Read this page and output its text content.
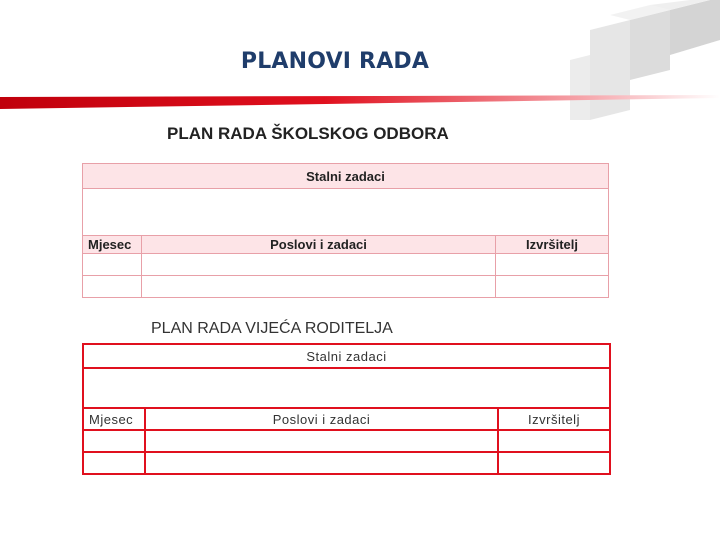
PLANOVI RADA
PLAN RADA ŠKOLSKOG ODBORA
Stalni zadaci		

Mjesec	Poslovi i zadaci	Izvršitelj

PLAN RADA VIJEĆA RODITELJA
Stalni zadaci		

Mjesec	Poslovi i zadaci	Izvršitelj
